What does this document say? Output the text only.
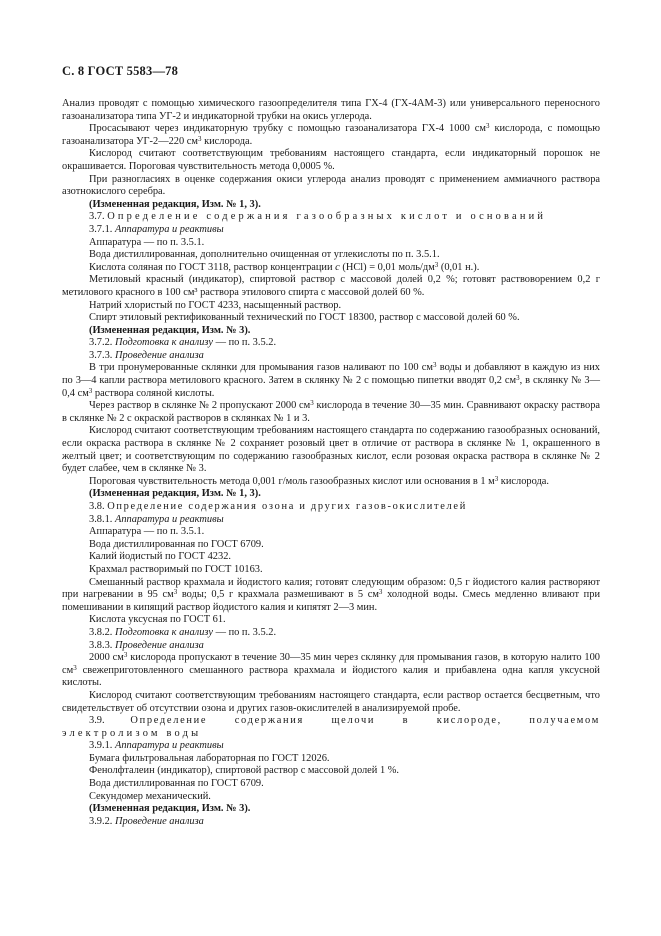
С. 8 ГОСТ 5583—78

Анализ проводят с помощью химического газоопределителя типа ГХ-4 (ГХ-4АМ-3) или универсального переносного газоанализатора типа УГ-2 и индикаторной трубки на окись углерода.

Просасывают через индикаторную трубку с помощью газоанализатора ГХ-4 1000 $см^3$ кислорода, с помощью газоанализатора УГ-2—220 $см^3$ кислорода.

Кислород считают соответствующим требованиям настоящего стандарта, если индикаторный порошок не окрашивается. Пороговая чувствительность метода 0,0005 %.

При разногласиях в оценке содержания окиси углерода анализ проводят с применением аммиачного раствора азотнокислого серебра.

(Измененная редакция, Изм. № 1, 3).

3.7. Определение содержания газообразных кислот и оснований

3.7.1. Аппаратура и реактивы

Аппаратура — по п. 3.5.1.

Вода дистиллированная, дополнительно очищенная от углекислоты по п. 3.5.1.

Кислота соляная по ГОСТ 3118, раствор концентрации c (HCl) = 0,01 моль/$дм^3$ (0,01 н.).

Метиловый красный (индикатор), спиртовой раствор с массовой долей 0,2 %; готовят раствоворением 0,2 г метилового красного в 100 см³ раствора этилового спирта с массовой долей 60 %.

Натрий хлористый по ГОСТ 4233, насыщенный раствор.

Спирт этиловый ректификованный технический по ГОСТ 18300, раствор с массовой долей 60 %.

(Измененная редакция, Изм. № 3).

3.7.2. Подготовка к анализу — по п. 3.5.2.

3.7.3. Проведение анализа

В три пронумерованные склянки для промывания газов наливают по 100 $см^3$ воды и добавляют в каждую из них по 3—4 капли раствора метилового красного. Затем в склянку № 2 с помощью пипетки вводят 0,2 $см^3$, в склянку № 3—0,4 $см^3$ раствора соляной кислоты.

Через раствор в склянке № 2 пропускают 2000 $см^3$ кислорода в течение 30—35 мин. Сравнивают окраску раствора в склянке № 2 с окраской растворов в склянках № 1 и 3.

Кислород считают соответствующим требованиям настоящего стандарта по содержанию газообразных оснований, если окраска раствора в склянке № 2 сохраняет розовый цвет в отличие от раствора в склянке № 1, окрашенного в желтый цвет; и соответствующим по содержанию газообразных кислот, если розовая окраска раствора в склянке № 2 будет слабее, чем в склянке № 3.

Пороговая чувствительность метода 0,001 г/моль газообразных кислот или основания в 1 $м^3$ кислорода.

(Измененная редакция, Изм. № 1, 3).

3.8. Определение содержания озона и других газов-окислителей

3.8.1. Аппаратура и реактивы

Аппаратура — по п. 3.5.1.

Вода дистиллированная по ГОСТ 6709.

Калий йодистый по ГОСТ 4232.

Крахмал растворимый по ГОСТ 10163.

Смешанный раствор крахмала и йодистого калия; готовят следующим образом: 0,5 г йодистого калия растворяют при нагревании в 95 $см^3$ воды; 0,5 г крахмала размешивают в 5 $см^3$ холодной воды. Смесь медленно вливают при помешивании в кипящий раствор йодистого калия и кипятят 2—3 мин.

Кислота уксусная по ГОСТ 61.

3.8.2. Подготовка к анализу — по п. 3.5.2.

3.8.3. Проведение анализа

2000 $см^3$ кислорода пропускают в течение 30—35 мин через склянку для промывания газов, в которую налито 100 $см^3$ свежеприготовленного смешанного раствора крахмала и йодистого калия и прибавлена одна капля уксусной кислоты.

Кислород считают соответствующим требованиям настоящего стандарта, если раствор остается бесцветным, что свидетельствует об отсутствии озона и других газов-окислителей в анализируемой пробе.

3.9. Определение содержания щелочи в кислороде, получаемом

электролизом воды

3.9.1. Аппаратура и реактивы

Бумага фильтровальная лабораторная по ГОСТ 12026.

Фенолфталеин (индикатор), спиртовой раствор с массовой долей 1 %.

Вода дистиллированная по ГОСТ 6709.

Секундомер механический.

(Измененная редакция, Изм. № 3).

3.9.2. Проведение анализа
